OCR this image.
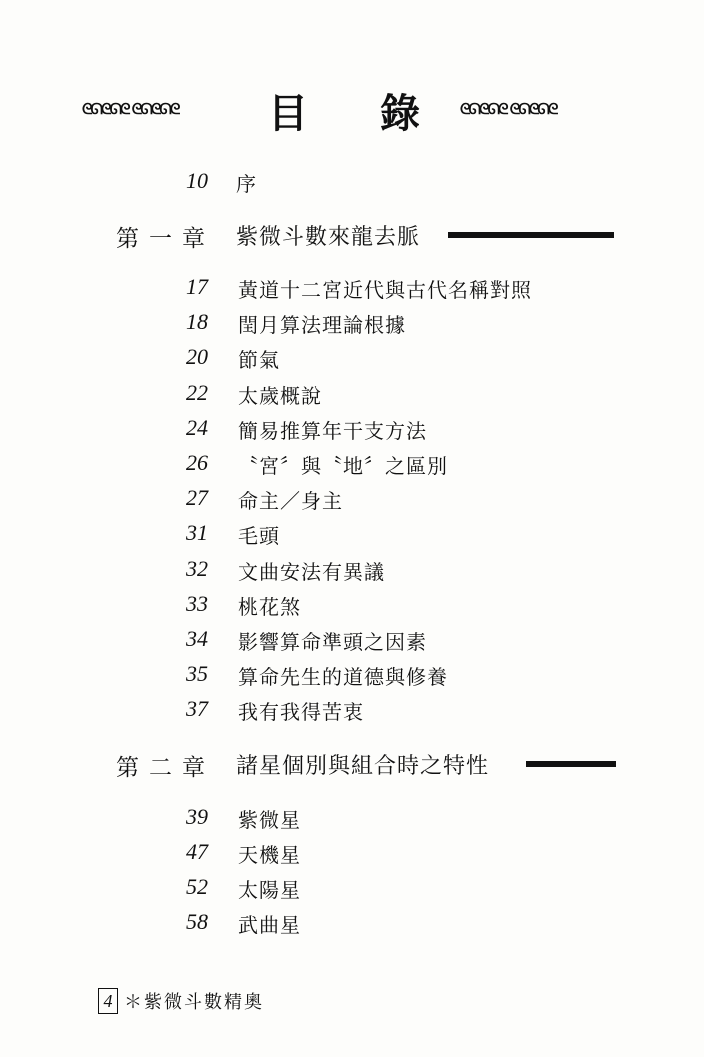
ᘓᘏᘓᘏᘓ ᘓᘏᘓᘏᘓ 目 錄	ᘓᘏᘓᘏᘓ ᘓᘏᘓᘏᘓ
10 序
第一章 紫微斗數來龍去脈
17 黃道十二宮近代與古代名稱對照
18 閏月算法理論根據
20 節氣
22 太歲概說
24 簡易推算年干支方法
26 〝宮〞與〝地〞之區別
27 命主／身主
31 毛頭
32 文曲安法有異議
33 桃花煞
34 影響算命準頭之因素
35 算命先生的道德與修養
37 我有我得苦衷
第二章 諸星個別與組合時之特性
39 紫微星
47 天機星
52 太陽星
58 武曲星
4 ＊ 紫微斗數精奧
